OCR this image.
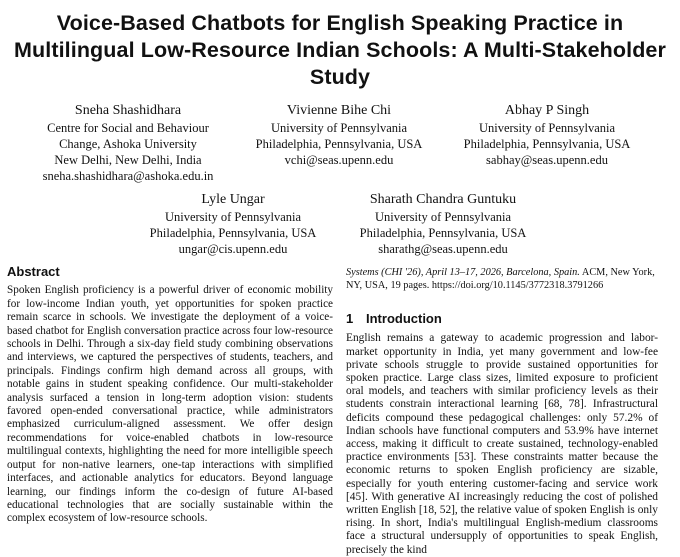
Voice-Based Chatbots for English Speaking Practice in Multilingual Low-Resource Indian Schools: A Multi-Stakeholder Study
Sneha Shashidhara
Centre for Social and Behaviour
Change, Ashoka University
New Delhi, New Delhi, India
sneha.shashidhara@ashoka.edu.in
Vivienne Bihe Chi
University of Pennsylvania
Philadelphia, Pennsylvania, USA
vchi@seas.upenn.edu
Abhay P Singh
University of Pennsylvania
Philadelphia, Pennsylvania, USA
sabhay@seas.upenn.edu
Lyle Ungar
University of Pennsylvania
Philadelphia, Pennsylvania, USA
ungar@cis.upenn.edu
Sharath Chandra Guntuku
University of Pennsylvania
Philadelphia, Pennsylvania, USA
sharathg@seas.upenn.edu

Abstract

Spoken English proficiency is a powerful driver of economic mobility for low-income Indian youth, yet opportunities for spoken practice remain scarce in schools. We investigate the deployment of a voice-based chatbot for English conversation practice across four low-resource schools in Delhi. Through a six-day field study combining observations and interviews, we captured the perspectives of students, teachers, and principals. Findings confirm high demand across all groups, with notable gains in student speaking confidence. Our multi-stakeholder analysis surfaced a tension in long-term adoption vision: students favored open-ended conversational practice, while administrators emphasized curriculum-aligned assessment. We offer design recommendations for voice-enabled chatbots in low-resource multilingual contexts, highlighting the need for more intelligible speech output for non-native learners, one-tap interactions with simplified interfaces, and actionable analytics for educators. Beyond language learning, our findings inform the co-design of future AI-based educational technologies that are socially sustainable within the complex ecosystem of low-resource schools.

Systems (CHI '26), April 13–17, 2026, Barcelona, Spain. ACM, New York, NY, USA, 19 pages. https://doi.org/10.1145/3772318.3791266

1 Introduction

English remains a gateway to academic progression and labor-market opportunity in India, yet many government and low-fee private schools struggle to provide sustained opportunities for spoken practice. Large class sizes, limited exposure to proficient oral models, and teachers with similar proficiency levels as their students constrain interactional learning [68, 78]. Infrastructural deficits compound these pedagogical challenges: only 57.2% of Indian schools have functional computers and 53.9% have internet access, making it difficult to create sustained, technology-enabled practice environments [53]. These constraints matter because the economic returns to spoken English proficiency are sizable, especially for youth entering customer-facing and service work [45]. With generative AI increasingly reducing the cost of polished written English [18, 52], the relative value of spoken English is only rising. In short, India's multilingual English-medium classrooms face a structural undersupply of opportunities to speak English, precisely the kind
